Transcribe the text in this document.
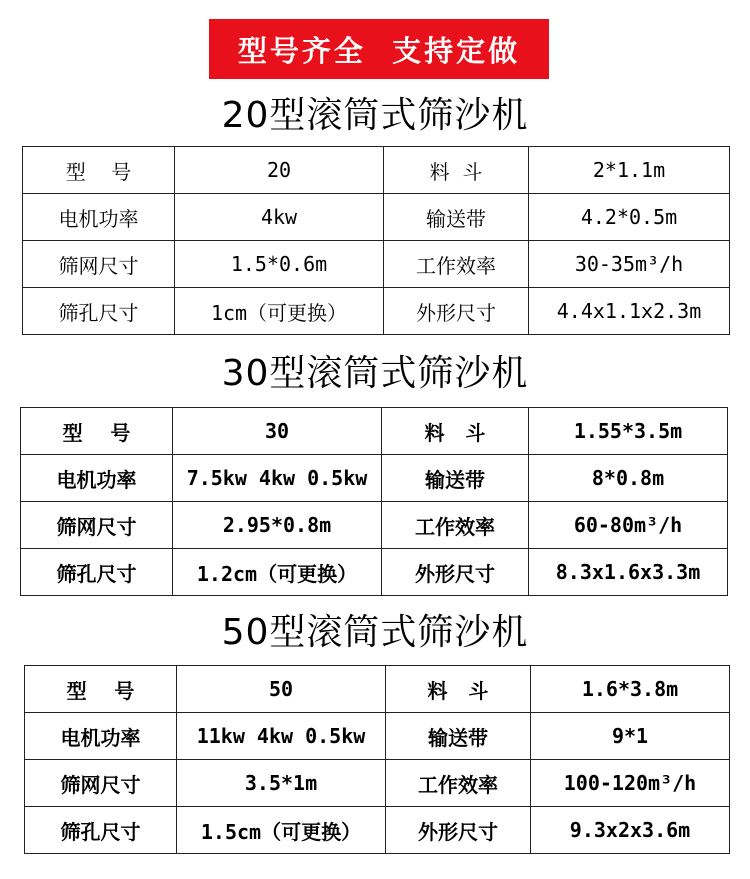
型号齐全  支持定做
20型滚筒式筛沙机
型    号	20	料  斗	2*1.1m
电机功率	4kw	输送带	4.2*0.5m
筛网尺寸	1.5*0.6m	工作效率	30-35m³/h
筛孔尺寸	1cm（可更换）	外形尺寸	4.4x1.1x2.3m
30型滚筒式筛沙机
型    号	30	料   斗	1.55*3.5m
电机功率	7.5kw 4kw 0.5kw	输送带	8*0.8m
筛网尺寸	2.95*0.8m	工作效率	60-80m³/h
筛孔尺寸	1.2cm（可更换）	外形尺寸	8.3x1.6x3.3m
50型滚筒式筛沙机
型    号	50	料   斗	1.6*3.8m
电机功率	11kw 4kw 0.5kw	输送带	9*1
筛网尺寸	3.5*1m	工作效率	100-120m³/h
筛孔尺寸	1.5cm（可更换）	外形尺寸	9.3x2x3.6m
